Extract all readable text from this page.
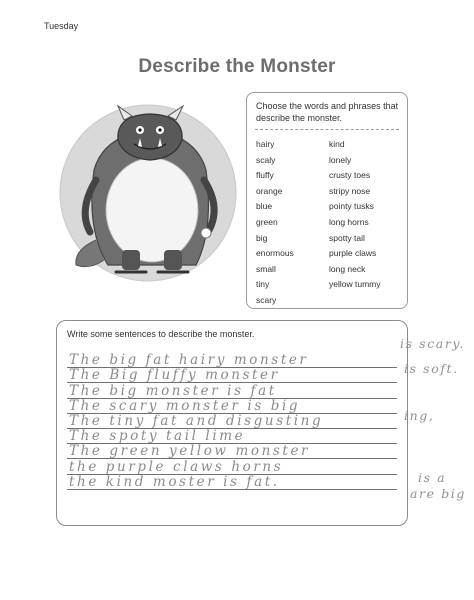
Tuesday
Describe the Monster
Choose the words and phrases that describe the monster.
hairy
scaly
fluffy
orange
blue
green
big
enormous
small
tiny
scary
kind
lonely
crusty toes
stripy nose
pointy tusks
long horns
spotty tail
purple claws
long neck
yellow tummy
Write some sentences to describe the monster.
The big fat hairy monster
The Big fluffy monster
The big monster is fat
The scary monster is big
The tiny fat and disgusting
The spoty tail lime
The green yellow monster
the purple claws horns
the kind moster is fat.
is scary.
is soft.
ing,
is a
are big
